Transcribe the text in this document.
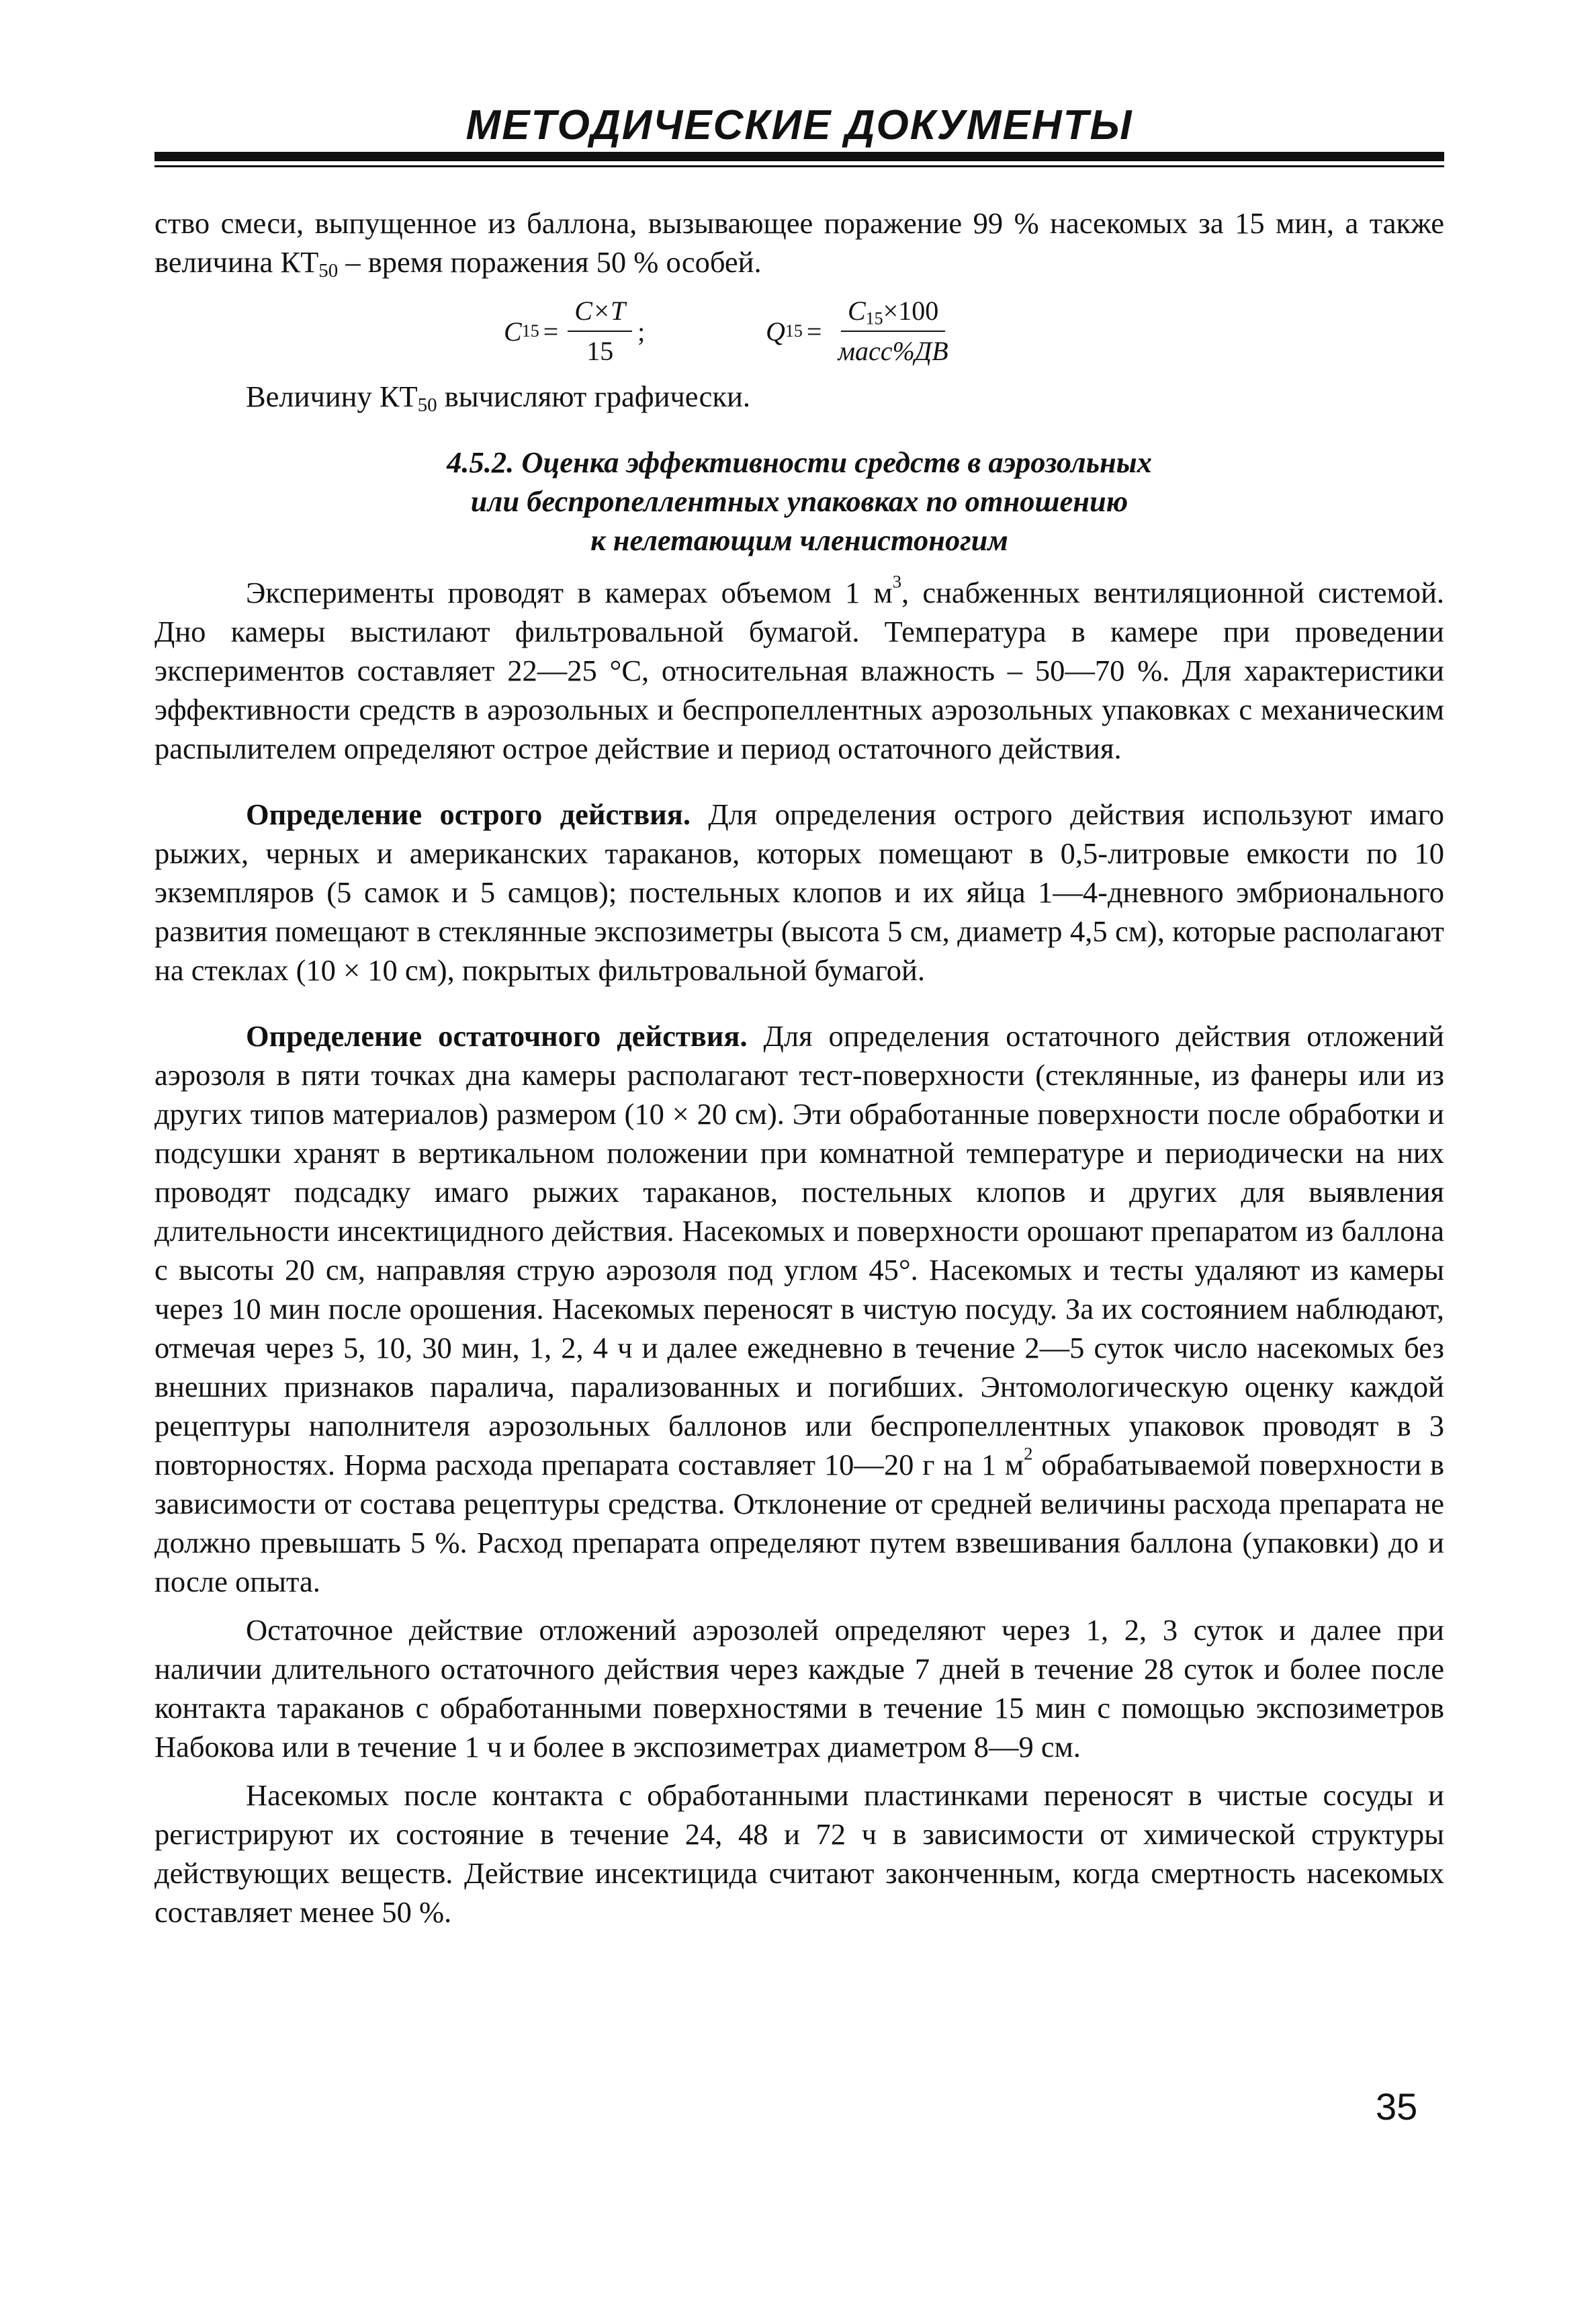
МЕТОДИЧЕСКИЕ ДОКУМЕНТЫ

ство смеси, выпущенное из баллона, вызывающее поражение 99 % насекомых за 15 мин, а также величина $КТ_{50}$ – время поражения 50 % особей.

C $15 = \frac{C\times T}{15}$ ;	Q $15 = \frac{C_{15}\times 100}{\text{масс\%ДВ}}$

Величину $КТ_{50}$ вычисляют графически.

4.5.2. Оценка эффективности средств в аэрозольных
или беспропеллентных упаковках по отношению
к нелетающим членистоногим

Эксперименты проводят в камерах объемом 1 $м^3$, снабженных вентиляционной системой. Дно камеры выстилают фильтровальной бумагой. Температура в камере при проведении экспериментов составляет 22—25 °С, относительная влажность – 50—70 %. Для характеристики эффективности средств в аэрозольных и беспропеллентных аэрозольных упаковках с механическим распылителем определяют острое действие и период остаточного действия.

Определение острого действия. Для определения острого действия используют имаго рыжих, черных и американских тараканов, которых помещают в 0,5-литровые емкости по 10 экземпляров (5 самок и 5 самцов); постельных клопов и их яйца 1—4-дневного эмбрионального развития помещают в стеклянные экспозиметры (высота 5 см, диаметр 4,5 см), которые располагают на стеклах (10 × 10 см), покрытых фильтровальной бумагой.

Определение остаточного действия. Для определения остаточного действия отложений аэрозоля в пяти точках дна камеры располагают тест-поверхности (стеклянные, из фанеры или из других типов материалов) размером (10 × 20 см). Эти обработанные поверхности после обработки и подсушки хранят в вертикальном положении при комнатной температуре и периодически на них проводят подсадку имаго рыжих тараканов, постельных клопов и других для выявления длительности инсектицидного действия. Насекомых и поверхности орошают препаратом из баллона с высоты 20 см, направляя струю аэрозоля под углом 45°. Насекомых и тесты удаляют из камеры через 10 мин после орошения. Насекомых переносят в чистую посуду. За их состоянием наблюдают, отмечая через 5, 10, 30 мин, 1, 2, 4 ч и далее ежедневно в течение 2—5 суток число насекомых без внешних признаков паралича, парализованных и погибших. Энтомологическую оценку каждой рецептуры наполнителя аэрозольных баллонов или беспропеллентных упаковок проводят в 3 повторностях. Норма расхода препарата составляет 10—20 г на 1 $м^2$ обрабатываемой поверхности в зависимости от состава рецептуры средства. Отклонение от средней величины расхода препарата не должно превышать 5 %. Расход препарата определяют путем взвешивания баллона (упаковки) до и после опыта.

Остаточное действие отложений аэрозолей определяют через 1, 2, 3 суток и далее при наличии длительного остаточного действия через каждые 7 дней в течение 28 суток и более после контакта тараканов с обработанными поверхностями в течение 15 мин с помощью экспозиметров Набокова или в течение 1 ч и более в экспозиметрах диаметром 8—9 см.

Насекомых после контакта с обработанными пластинками переносят в чистые сосуды и регистрируют их состояние в течение 24, 48 и 72 ч в зависимости от химической структуры действующих веществ. Действие инсектицида считают законченным, когда смертность насекомых составляет менее 50 %.

35
